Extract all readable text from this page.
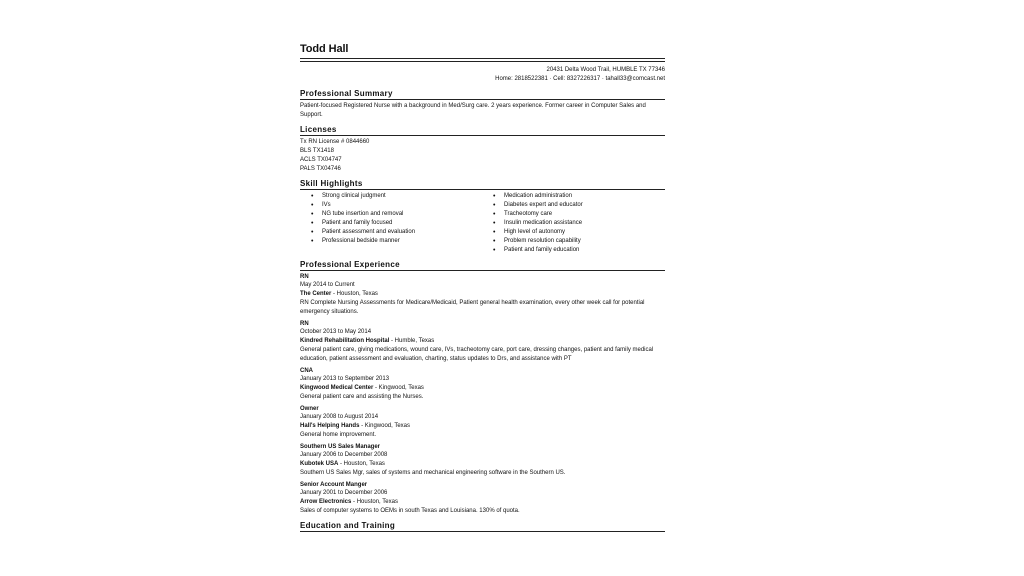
Todd Hall
20431 Delta Wood Trail, HUMBLE TX 77346
Home: 2818522381 · Cell: 8327226317 · tahall33@comcast.net
Professional Summary
Patient-focused Registered Nurse with a background in Med/Surg care. 2 years experience. Former career in Computer Sales and Support.
Licenses
Tx RN License # 0844660
BLS TX1418
ACLS TX04747
PALS TX04746
Skill Highlights
• Strong clinical judgment
• IVs
• NG tube insertion and removal
• Patient and family focused
• Patient assessment and evaluation
• Professional bedside manner
• Medication administration
• Diabetes expert and educator
• Tracheotomy care
• Insulin medication assistance
• High level of autonomy
• Problem resolution capability
• Patient and family education
Professional Experience
RN
May 2014 to Current
The Center - Houston, Texas
RN Complete Nursing Assessments for Medicare/Medicaid, Patient general health examination, every other week call for potential emergency situations.
RN
October 2013 to May 2014
Kindred Rehabilitation Hospital - Humble, Texas
General patient care, giving medications, wound care, IVs, tracheotomy care, port care, dressing changes, patient and family medical education, patient assessment and evaluation, charting, status updates to Drs, and assistance with PT
CNA
January 2013 to September 2013
Kingwood Medical Center - Kingwood, Texas
General patient care and assisting the Nurses.
Owner
January 2008 to August 2014
Hall's Helping Hands - Kingwood, Texas
General home improvement.
Southern US Sales Manager
January 2006 to December 2008
Kubotek USA - Houston, Texas
Southern US Sales Mgr, sales of systems and mechanical engineering software in the Southern US.
Senior Account Manger
January 2001 to December 2006
Arrow Electronics - Houston, Texas
Sales of computer systems to OEMs in south Texas and Louisiana. 130% of quota.
Education and Training
